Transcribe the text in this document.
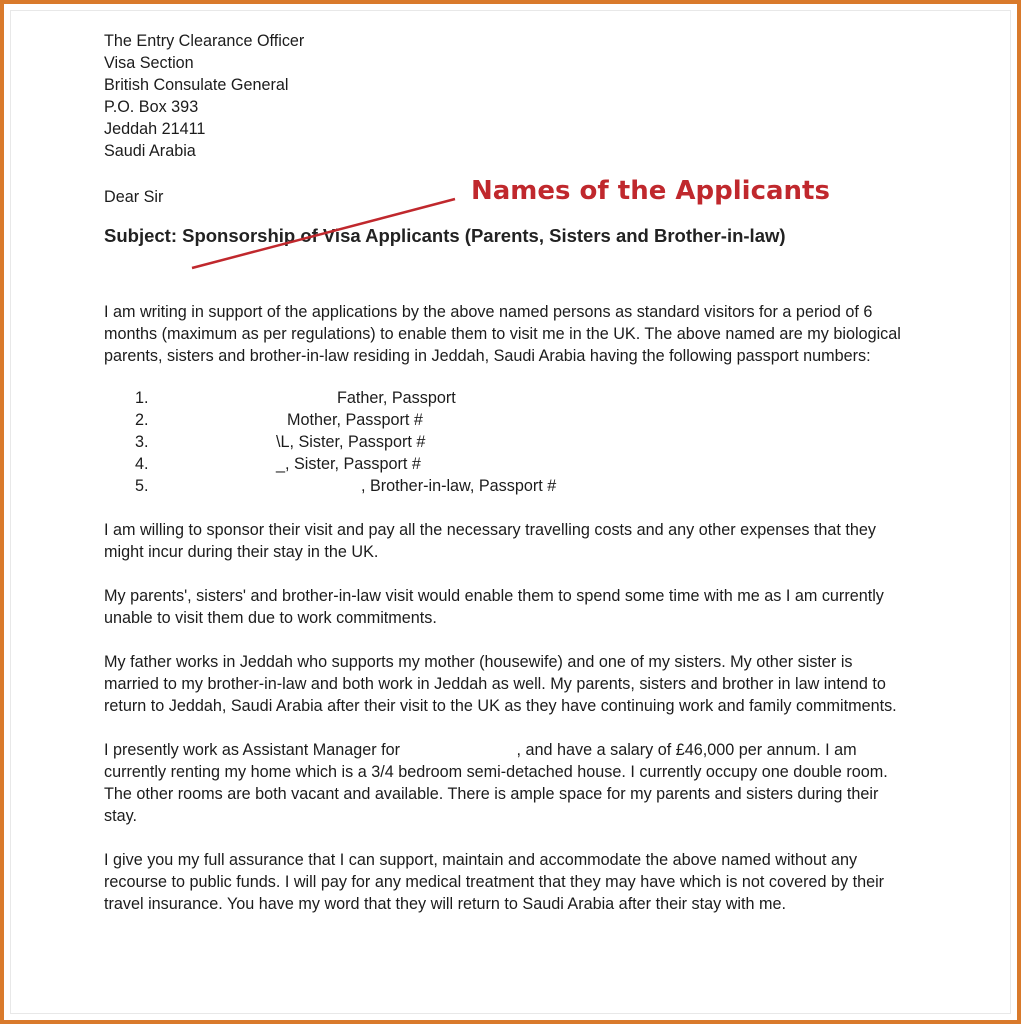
The Entry Clearance Officer
Visa Section
British Consulate General
P.O. Box 393
Jeddah 21411
Saudi Arabia
Dear Sir
Subject: Sponsorship of Visa Applicants (Parents, Sisters and Brother-in-law)

I am writing in support of the applications by the above named persons as standard visitors for a period of 6 months (maximum as per regulations) to enable them to visit me in the UK. The above named are my biological parents, sisters and brother-in-law residing in Jeddah, Saudi Arabia having the following passport numbers:

1.	Father, Passport
2.	Mother, Passport #
3.	\L, Sister, Passport #
4.	_, Sister, Passport #
5.	, Brother-in-law, Passport #

I am willing to sponsor their visit and pay all the necessary travelling costs and any other expenses that they might incur during their stay in the UK.

My parents', sisters' and brother-in-law visit would enable them to spend some time with me as I am currently unable to visit them due to work commitments.

My father works in Jeddah who supports my mother (housewife) and one of my sisters. My other sister is married to my brother-in-law and both work in Jeddah as well. My parents, sisters and brother in law intend to return to Jeddah, Saudi Arabia after their visit to the UK as they have continuing work and family commitments.

I presently work as Assistant Manager for	, and have a salary of £46,000 per annum. I am currently renting my home which is a 3/4 bedroom semi-detached house. I currently occupy one double room. The other rooms are both vacant and available. There is ample space for my parents and sisters during their stay.

I give you my full assurance that I can support, maintain and accommodate the above named without any recourse to public funds. I will pay for any medical treatment that they may have which is not covered by their travel insurance. You have my word that they will return to Saudi Arabia after their stay with me.

Names of the Applicants
